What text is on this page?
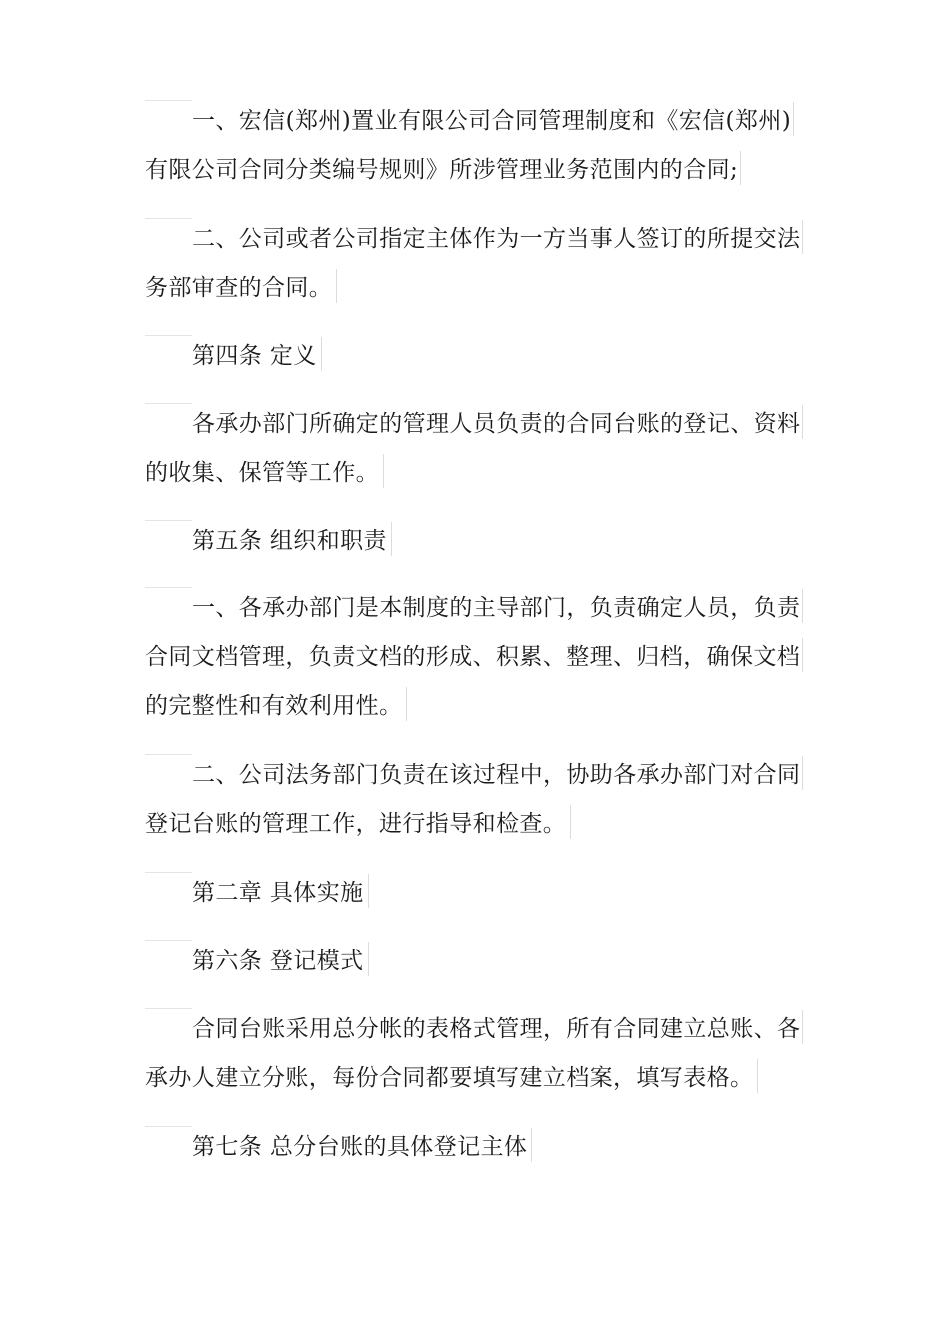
一、宏信(郑州)置业有限公司合同管理制度和《宏信(郑州)
有限公司合同分类编号规则》所涉管理业务范围内的合同;
二、公司或者公司指定主体作为一方当事人签订的所提交法
务部审查的合同。
第四条 定义
各承办部门所确定的管理人员负责的合同台账的登记、资料
的收集、保管等工作。
第五条 组织和职责
一、各承办部门是本制度的主导部门，负责确定人员，负责
合同文档管理，负责文档的形成、积累、整理、归档，确保文档
的完整性和有效利用性。
二、公司法务部门负责在该过程中，协助各承办部门对合同
登记台账的管理工作，进行指导和检查。
第二章 具体实施
第六条 登记模式
合同台账采用总分帐的表格式管理，所有合同建立总账、各
承办人建立分账，每份合同都要填写建立档案，填写表格。
第七条 总分台账的具体登记主体
